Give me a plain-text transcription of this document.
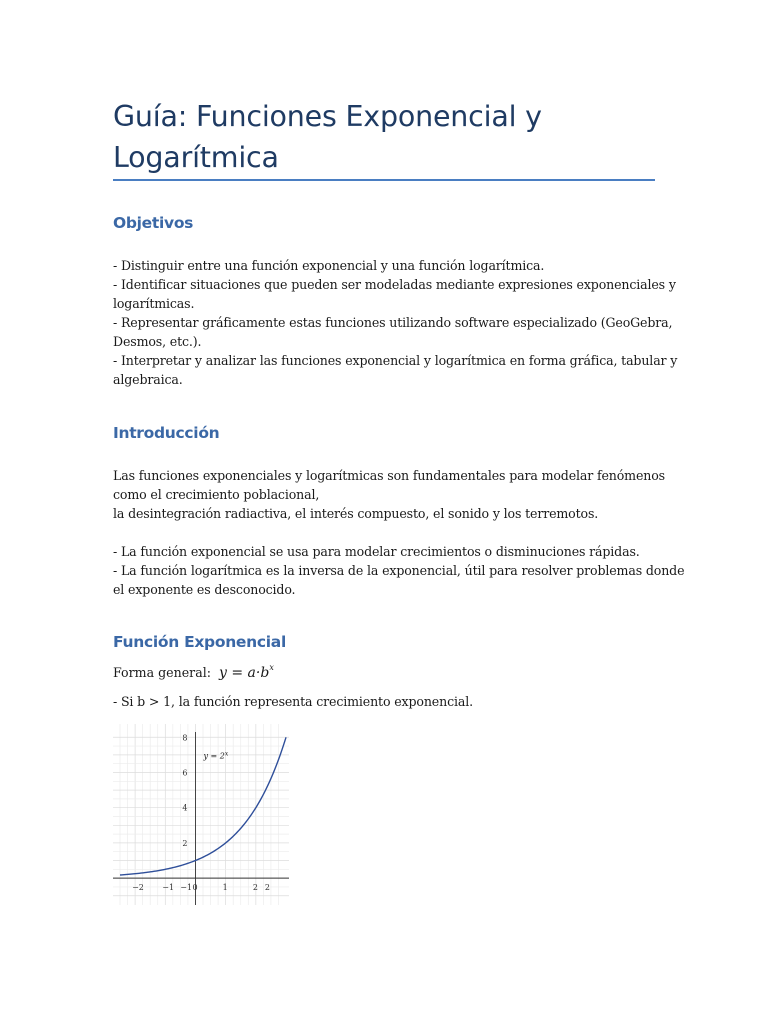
Guía: Funciones Exponencial y
Logarítmica
Objetivos
- Distinguir entre una función exponencial y una función logarítmica.
- Identificar situaciones que pueden ser modeladas mediante expresiones exponenciales y
logarítmicas.
- Representar gráficamente estas funciones utilizando software especializado (GeoGebra,
Desmos, etc.).
- Interpretar y analizar las funciones exponencial y logarítmica en forma gráfica, tabular y
algebraica.
Introducción
Las funciones exponenciales y logarítmicas son fundamentales para modelar fenómenos
como el crecimiento poblacional,
la desintegración radiactiva, el interés compuesto, el sonido y los terremotos.
- La función exponencial se usa para modelar crecimientos o disminuciones rápidas.
- La función logarítmica es la inversa de la exponencial, útil para resolver problemas donde
el exponente es desconocido.
Función Exponencial
Forma general: $y = a\cdot b^x$
- Si b > 1, la función representa crecimiento exponencial.
−2 −1 −1 0	1	2 2
2
4
6
8
$y = 2^x$
